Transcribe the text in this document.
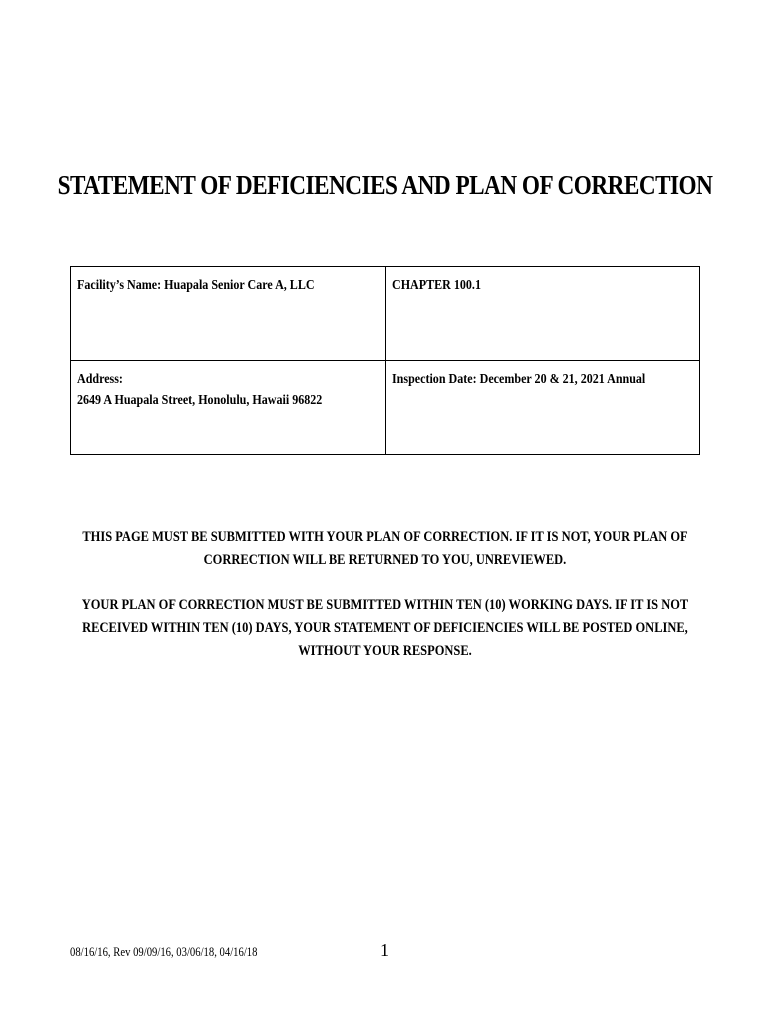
STATEMENT OF DEFICIENCIES AND PLAN OF CORRECTION
Facility’s Name: Huapala Senior Care A, LLC	CHAPTER 100.1
Address:
2649 A Huapala Street, Honolulu, Hawaii 96822	Inspection Date: December 20 & 21, 2021 Annual
THIS PAGE MUST BE SUBMITTED WITH YOUR PLAN OF CORRECTION. IF IT IS NOT, YOUR PLAN OF CORRECTION WILL BE RETURNED TO YOU, UNREVIEWED.
YOUR PLAN OF CORRECTION MUST BE SUBMITTED WITHIN TEN (10) WORKING DAYS. IF IT IS NOT RECEIVED WITHIN TEN (10) DAYS, YOUR STATEMENT OF DEFICIENCIES WILL BE POSTED ONLINE, WITHOUT YOUR RESPONSE.
08/16/16, Rev 09/09/16, 03/06/18, 04/16/18	1
